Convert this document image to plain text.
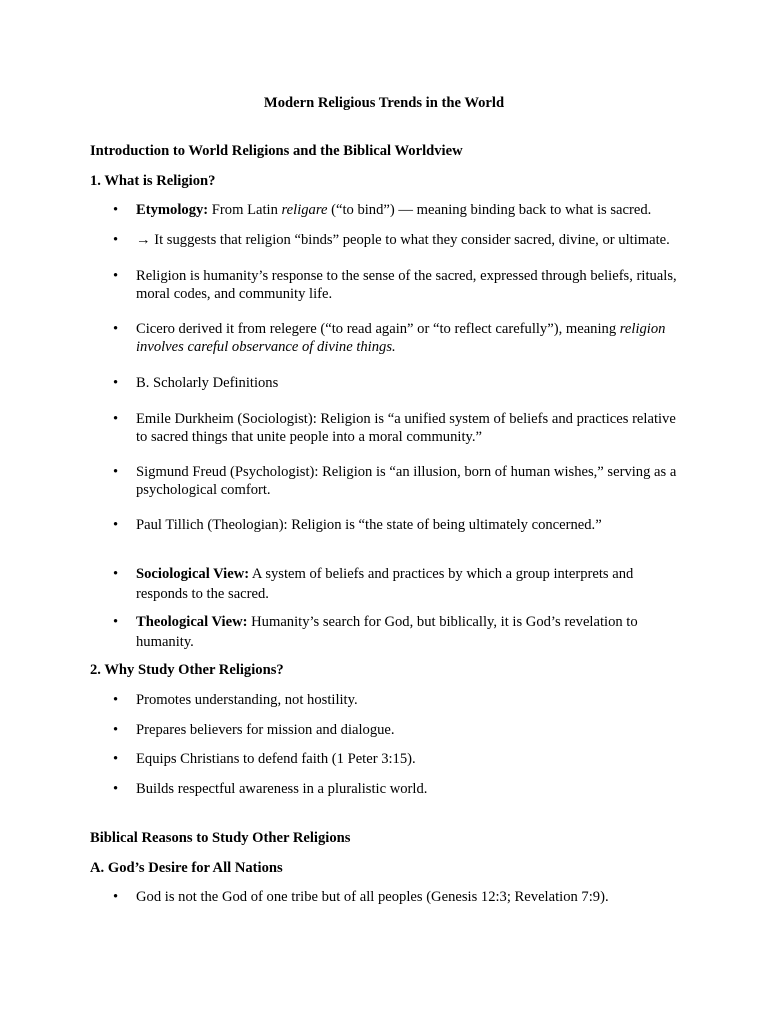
Modern Religious Trends in the World

Introduction to World Religions and the Biblical Worldview

1. What is Religion?

• Etymology: From Latin religare (“to bind”) — meaning binding back to what is sacred.
• → It suggests that religion “binds” people to what they consider sacred, divine, or ultimate.
• Religion is humanity’s response to the sense of the sacred, expressed through beliefs, rituals, moral codes, and community life.
• Cicero derived it from relegere (“to read again” or “to reflect carefully”), meaning religion involves careful observance of divine things.
• B. Scholarly Definitions
• Emile Durkheim (Sociologist): Religion is “a unified system of beliefs and practices relative to sacred things that unite people into a moral community.”
• Sigmund Freud (Psychologist): Religion is “an illusion, born of human wishes,” serving as a psychological comfort.
• Paul Tillich (Theologian): Religion is “the state of being ultimately concerned.”
• Sociological View: A system of beliefs and practices by which a group interprets and responds to the sacred.
• Theological View: Humanity’s search for God, but biblically, it is God’s revelation to humanity.

2. Why Study Other Religions?

• Promotes understanding, not hostility.
• Prepares believers for mission and dialogue.
• Equips Christians to defend faith (1 Peter 3:15).
• Builds respectful awareness in a pluralistic world.

Biblical Reasons to Study Other Religions

A. God’s Desire for All Nations

• God is not the God of one tribe but of all peoples (Genesis 12:3; Revelation 7:9).
